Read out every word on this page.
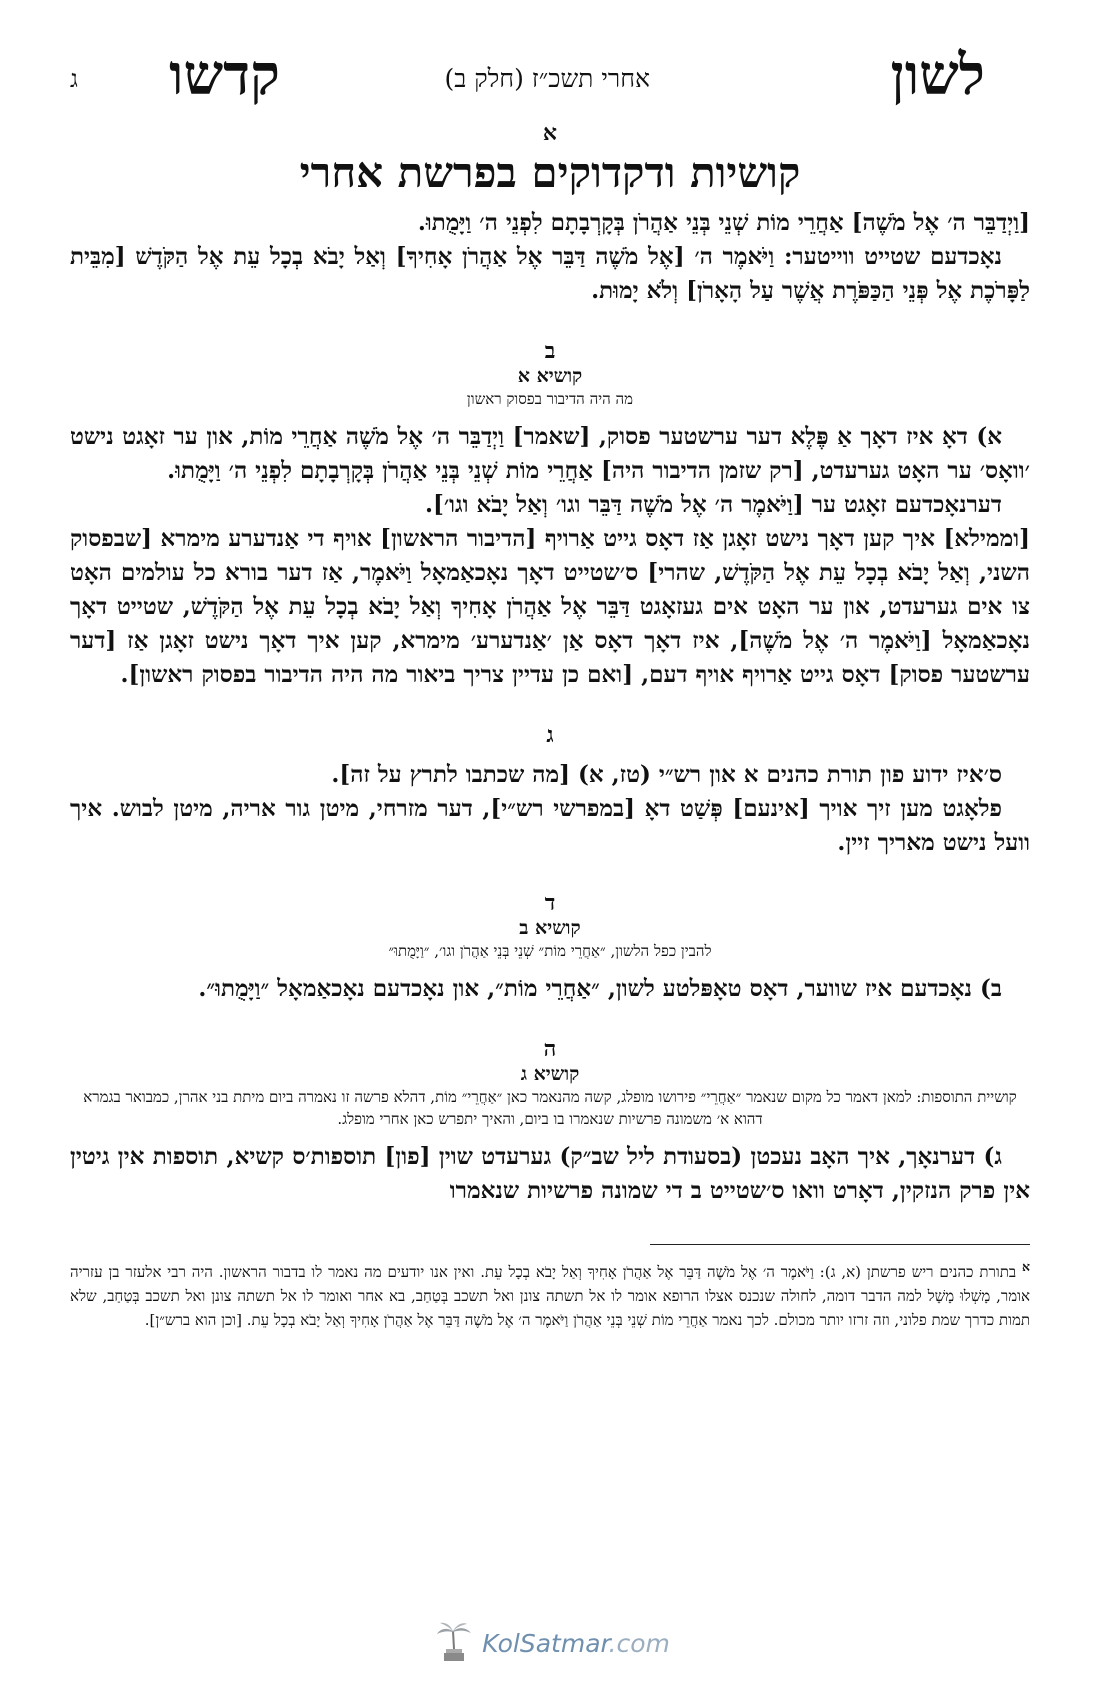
לשון
קדשו	אחרי תשכ״ז (חלק ב)
ג
א
קושיות ודקדוקים בפרשת אחרי

[וַיְדַבֵּר ה׳ אֶל מֹשֶׁה] אַחֲרֵי מוֹת שְׁנֵי בְּנֵי אַהֲרֹן בְּקָרְבָתָם לִפְנֵי ה׳ וַיָּמֻתוּ.

נאָכדעם שטייט ווייטער: וַיֹּאמֶר ה׳ [אֶל מֹשֶׁה דַּבֵּר אֶל אַהֲרֹן אָחִיךָ] וְאַל יָבֹא בְכָל עֵת אֶל הַקֹּדֶשׁ [מִבֵּית לַפָּרֹכֶת אֶל פְּנֵי הַכַּפֹּרֶת אֲשֶׁר עַל הָאָרֹן] וְלֹא יָמוּת.

ב
קושיא א
מה היה הדיבור בפסוק ראשון

א) דאָ איז דאָך אַ פֶּלֶא דער ערשטער פסוק, [שאמר] וַיְדַבֵּר ה׳ אֶל מֹשֶׁה אַחֲרֵי מוֹת, און ער זאָגט נישט ׳וואָס׳ ער האָט גערעדט, [רק שזמן הדיבור היה] אַחֲרֵי מוֹת שְׁנֵי בְּנֵי אַהֲרֹן בְּקָרְבָתָם לִפְנֵי ה׳ וַיָּמֻתוּ.

דערנאָכדעם זאָגט ער [וַיֹּאמֶר ה׳ אֶל מֹשֶׁה דַּבֵּר וגו׳ וְאַל יָבֹא וגו׳].

[וממילא] איך קען דאָך נישט זאָגן אַז דאָס גייט אַרויף [הדיבור הראשון] אויף די אַנדערע מימרא [שבפסוק השני, וְאַל יָבֹא בְכָל עֵת אֶל הַקֹּדֶשׁ, שהרי] ס׳שטייט דאָך נאָכאַמאָל וַיֹּאמֶר, אַז דער בורא כל עולמים האָט צו אים גערעדט, און ער האָט אים געזאָגט דַּבֵּר אֶל אַהֲרֹן אָחִיךָ וְאַל יָבֹא בְכָל עֵת אֶל הַקֹּדֶשׁ, שטייט דאָך נאָכאַמאָל [וַיֹּאמֶר ה׳ אֶל מֹשֶׁה], איז דאָך דאָס אַן ׳אַנדערע׳ מימרא, קען איך דאָך נישט זאָגן אַז [דער ערשטער פסוק] דאָס גייט אַרויף אויף דעם, [ואם כן עדיין צריך ביאור מה היה הדיבור בפסוק ראשון].

ג

ס׳איז ידוע פון תורת כהנים א און רש״י (טז, א) [מה שכתבו לתרץ על זה].

פלאָגט מען זיך אויך [אינעם] פְּשַׁט דאָ [במפרשי רש״י], דער מזרחי, מיטן גור אריה, מיטן לבוש. איך וועל נישט מאריך זיין.

ד
קושיא ב
להבין כפל הלשון, ״אַחֲרֵי מוֹת״ שְׁנֵי בְּנֵי אַהֲרֹן וגו׳, ״וַיָּמֻתוּ״

ב) נאָכדעם איז שווער, דאָס טאָפּלטע לשון, ״אַחֲרֵי מוֹת״, און נאָכדעם נאָכאַמאָל ״וַיָּמֻתוּ״.

ה
קושיא ג
קושיית התוספות: למאן דאמר כל מקום שנאמר ״אַחֲרֵי״ פירושו מופלג, קשה מהנאמר כאן ״אַחֲרֵי״ מוֹת, דהלא פרשה זו נאמרה ביום מיתת בני אהרן, כמבואר בגמרא דהוא א׳ משמונה פרשיות שנאמרו בו ביום, והאיך יתפרש כאן אחרי מופלג.

ג) דערנאָך, איך האָב נעכטן (בסעודת ליל שב״ק) גערעדט שוין [פון] תוספות׳ס קשיא, תוספות אין גיטין אין פרק הנזקין, דאָרט וואו ס׳שטייט ב די שמונה פרשיות שנאמרו

$^א$ בתורת כהנים ריש פרשתן (א, ג): וַיֹּאמֶר ה׳ אֶל מֹשֶׁה דַּבֵּר אֶל אַהֲרֹן אָחִיךָ וְאַל יָבֹא בְכָל עֵת. ואין אנו יודעים מה נאמר לו בדבור הראשון. היה רבי אלעזר בן עזריה אומר, מָשְׁלוּ מָשָׁל למה הדבר דומה, לחולה שנכנס אצלו הרופא אומר לו אל תשתה צונן ואל תשכב בְּטַחַב, בא אחר ואומר לו אל תשתה צונן ואל תשכב בְּטַחַב, שלא תמות כדרך שמת פלוני, וזה זרזו יותר מכולם. לכך נאמר אַחֲרֵי מוֹת שְׁנֵי בְּנֵי אַהֲרֹן וַיֹּאמֶר ה׳ אֶל מֹשֶׁה דַּבֵּר אֶל אַהֲרֹן אָחִיךָ וְאַל יָבֹא בְכָל עֵת. [וכן הוא ברש״ן].

KolSatmar.com
